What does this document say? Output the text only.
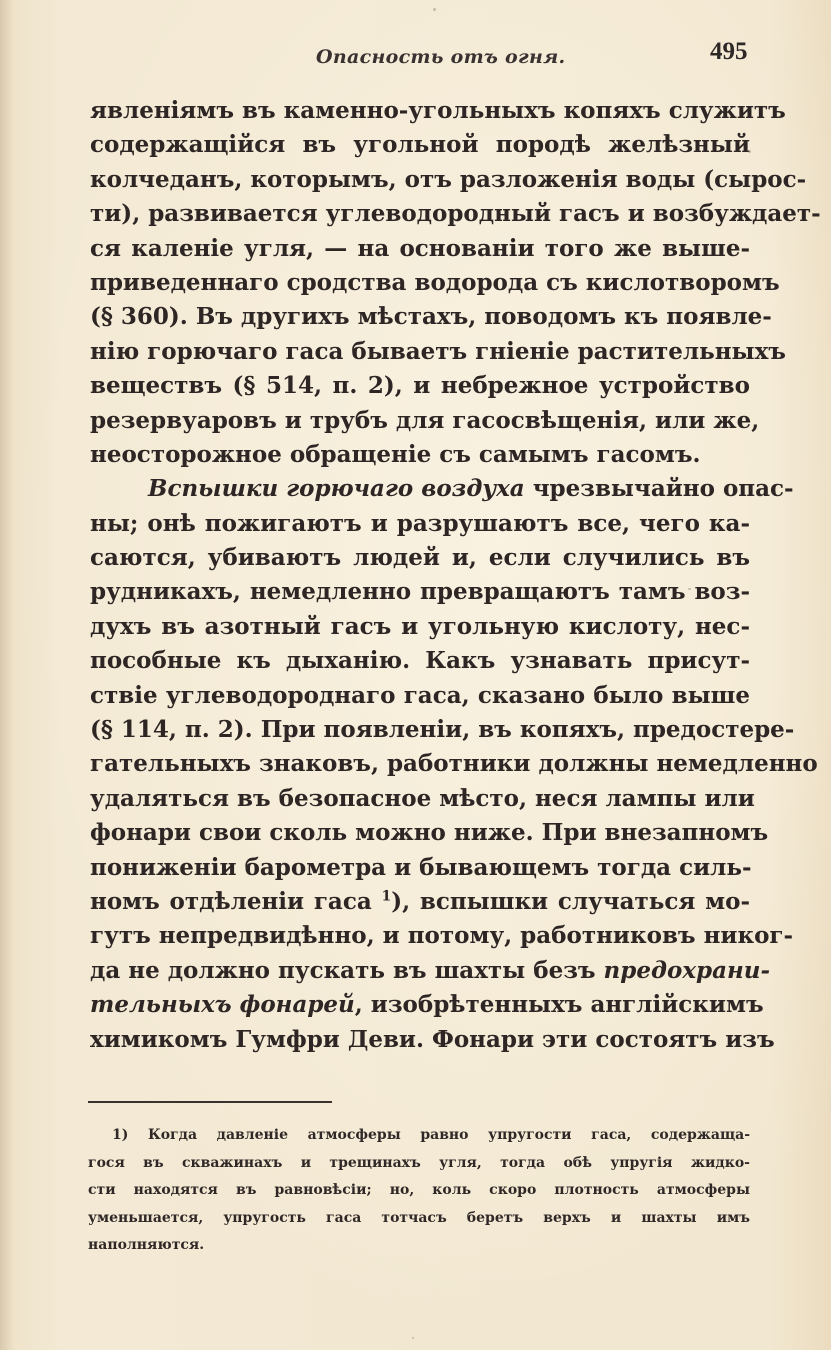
Опасность отъ огня.	495
явленiямъ въ каменно-угольныхъ копяхъ служитъ
содержащiйся въ угольной породѣ желѣзный
колчеданъ, которымъ, отъ разложенiя воды (сырос-
ти), развивается углеводородный гасъ и возбуждает-
ся каленiе угля, — на основанiи того же выше-
приведеннаго сродства водорода съ кислотворомъ
(§ 360). Въ другихъ мѣстахъ, поводомъ къ появле-
нiю горючаго гаса бываетъ гнiенiе растительныхъ
веществъ (§ 514, п. 2), и небрежное устройство
резервуаровъ и трубъ для гасосвѣщенiя, или же,
неосторожное обращенiе съ самымъ гасомъ.
Вспышки горючаго воздуха чрезвычайно опас-
ны; онѣ пожигаютъ и разрушаютъ все, чего ка-
саются, убиваютъ людей и, если случились въ
рудникахъ, немедленно превращаютъ тамъ воз-
духъ въ азотный гасъ и угольную кислоту, нес-
пособные къ дыханiю. Какъ узнавать присут-
ствiе углеводороднаго гаса, сказано было выше
(§ 114, п. 2). При появленiи, въ копяхъ, предостере-
гательныхъ знаковъ, работники должны немедленно
удаляться въ безопасное мѣсто, неся лампы или
фонари свои сколь можно ниже. При внезапномъ
пониженiи барометра и бывающемъ тогда силь-
номъ отдѣленiи гаса $^1$), вспышки случаться мо-
гутъ непредвидѣнно, и потому, работниковъ никог-
да не должно пускать въ шахты безъ предохрани-
тельныхъ фонарей, изобрѣтенныхъ англiйскимъ
химикомъ Гумфри Деви. Фонари эти состоятъ изъ
1) Когда давленiе атмосферы равно упругости гаса, содержаща-
гося въ скважинахъ и трещинахъ угля, тогда обѣ упругiя жидко-
сти находятся въ равновѣсiи; но, коль скоро плотность атмосферы
уменьшается, упругость гаса тотчасъ беретъ верхъ и шахты имъ
наполняются.
